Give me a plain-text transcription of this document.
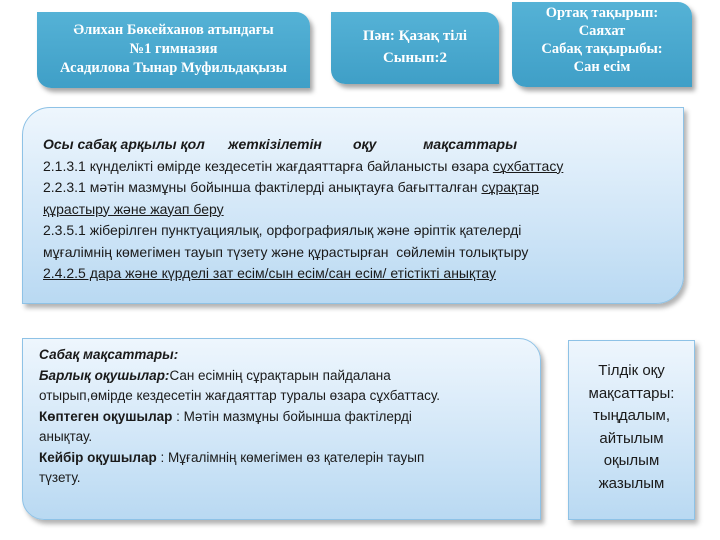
Әлихан Бөкейханов атындағы
№1 гимназия
Асадилова Тынар Муфильдақызы
Пән: Қазақ тілі
Сынып:2
Ортақ тақырып:
Саяхат
Сабақ тақырыбы:
Сан есім
Осы сабақ арқылы қол      жеткізілетін        оқу            мақсаттары
2.1.3.1 күнделікті өмірде кездесетін жағдаяттарға байланысты өзара сұхбаттасу
2.2.3.1 мәтін мазмұны бойынша фактілерді анықтауға бағытталған сұрақтар
құрастыру және жауап беру
2.3.5.1 жіберілген пунктуациялық, орфографиялық және әріптік қателерді
мұғалімнің көмегімен тауып түзету және құрастырған  сөйлемін толықтыру
2.4.2.5 дара және күрделі зат есім/сын есім/сан есім/ етістікті анықтау
Сабақ мақсаттары:
Барлық оқушылар:Сан есімнің сұрақтарын пайдалана
отырып,өмірде кездесетін жағдаяттар туралы өзара сұхбаттасу.
Көптеген оқушылар : Мәтін мазмұны бойынша фактілерді
анықтау.
Кейбір оқушылар : Мұғалімнің көмегімен өз қателерін тауып
түзету.
Тілдік оқу
мақсаттары:
тыңдалым,
айтылым
оқылым
жазылым
